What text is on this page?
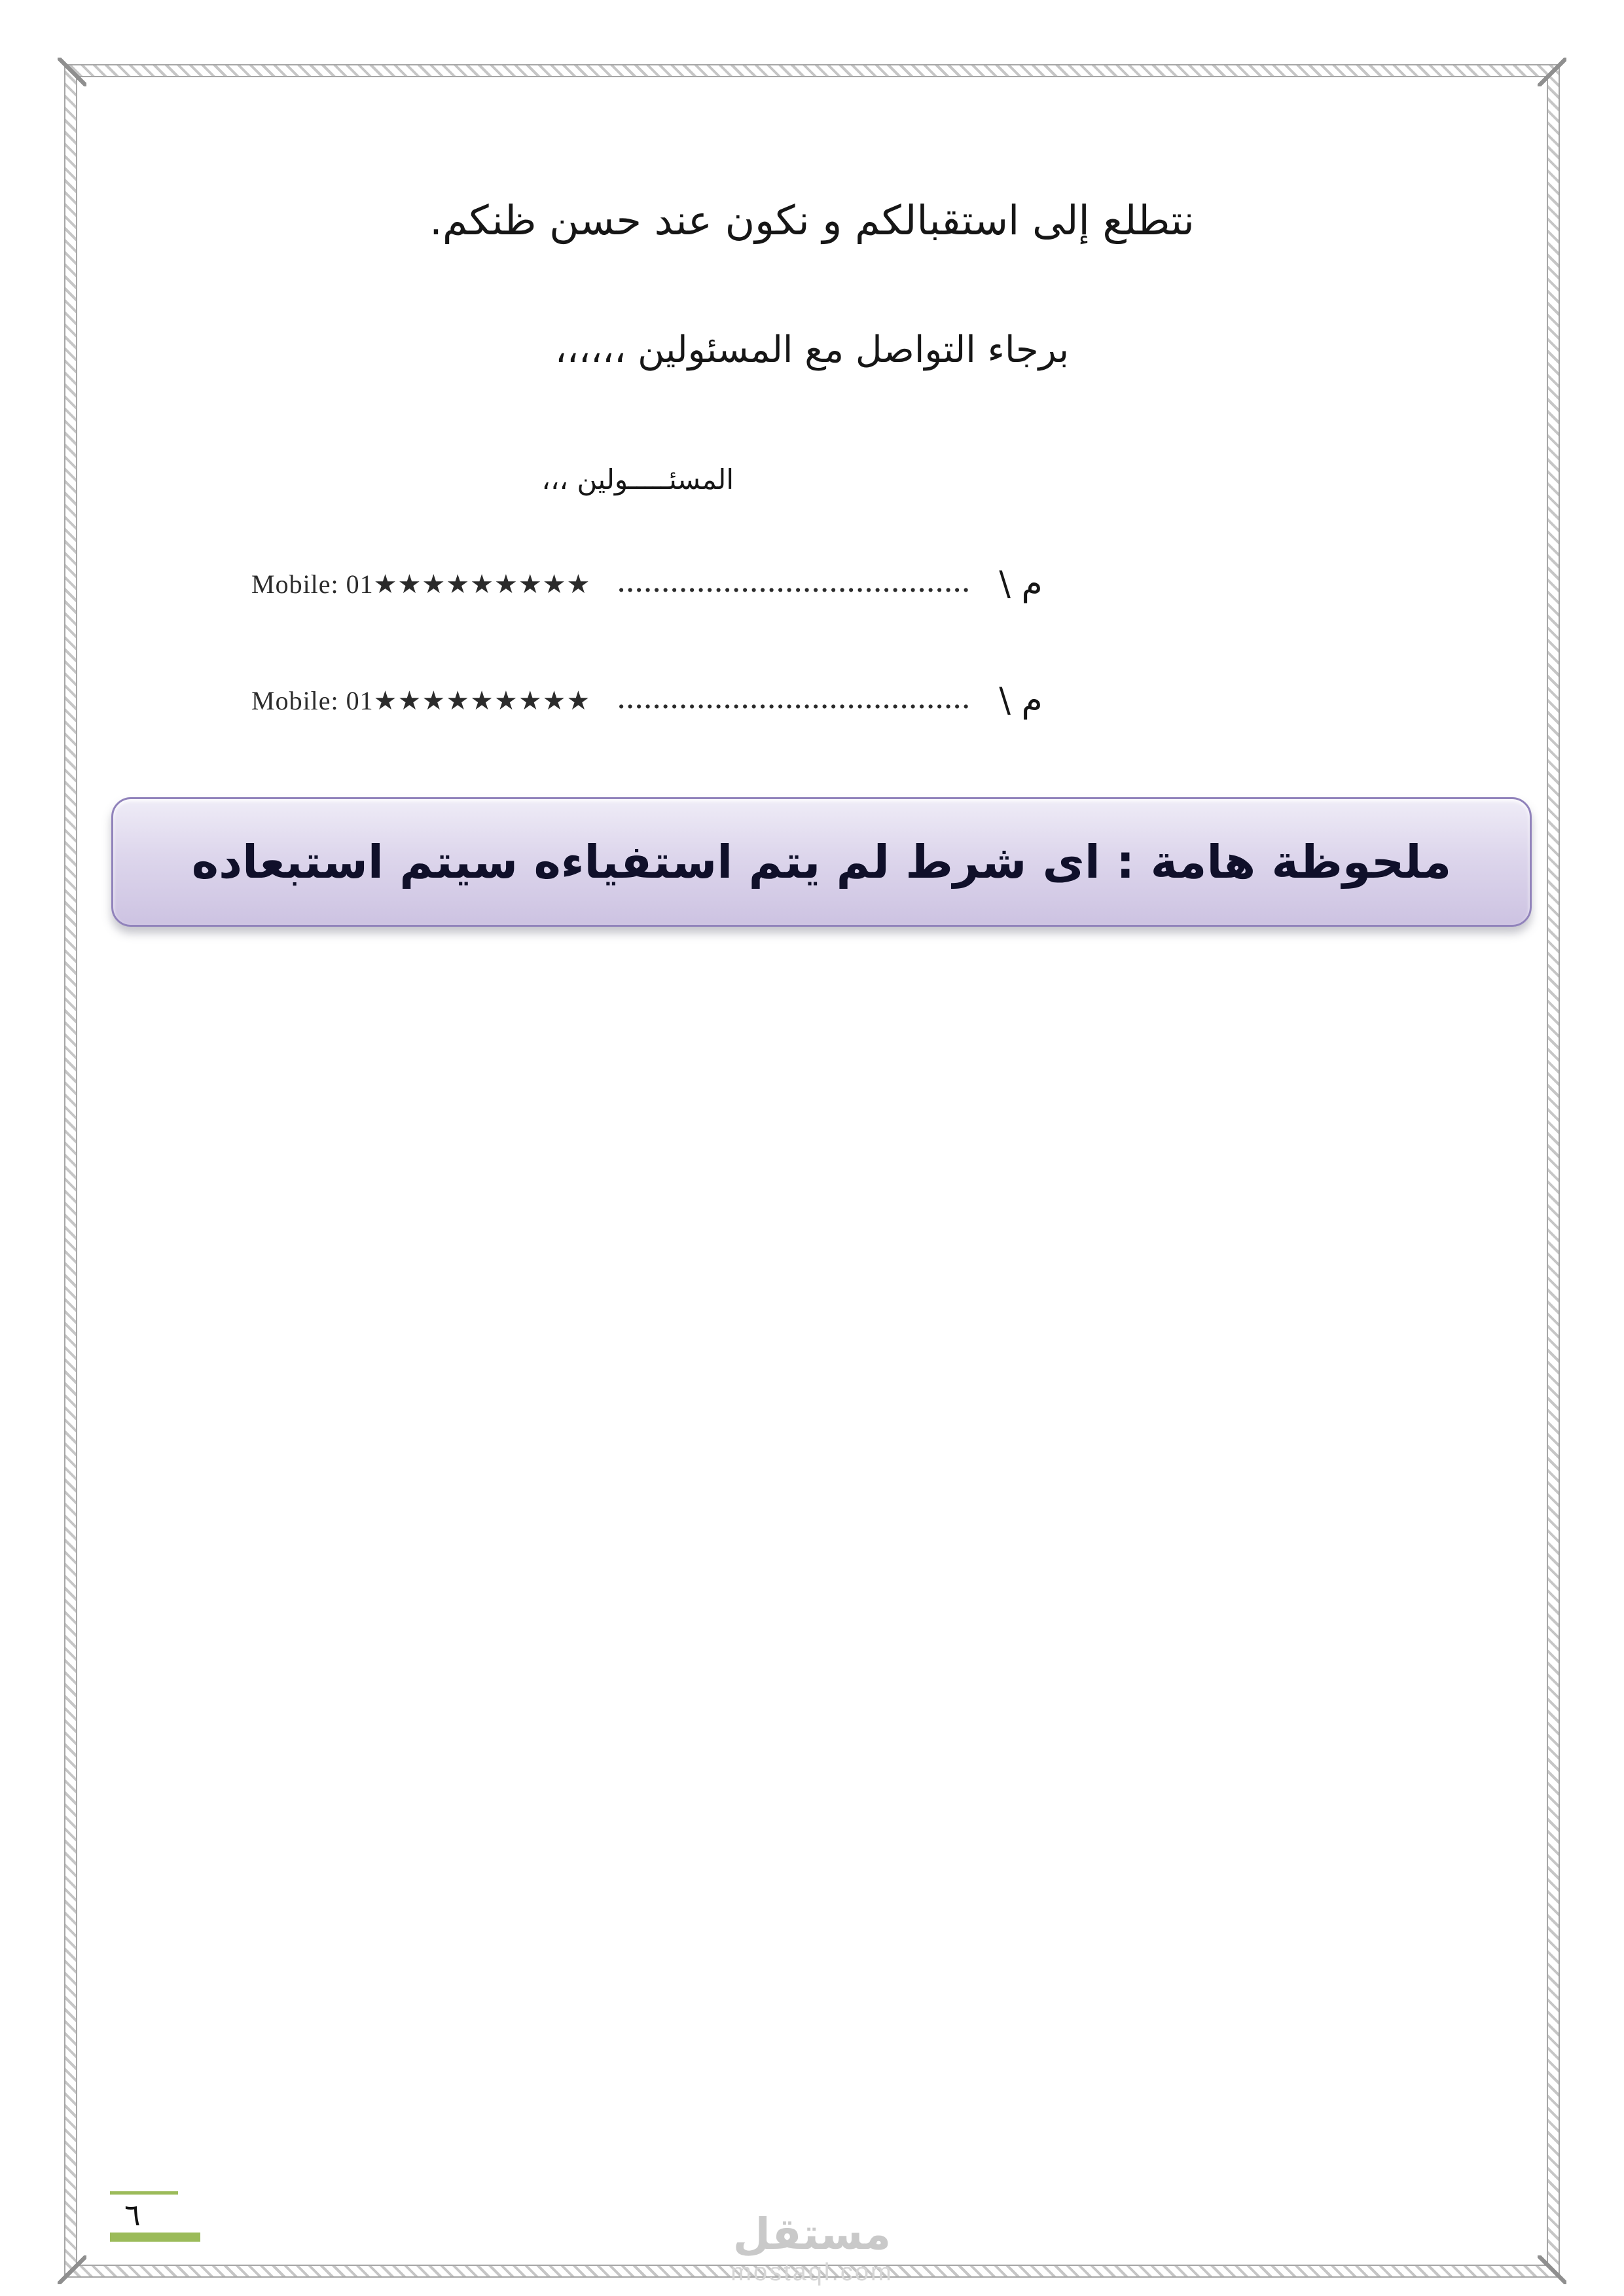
نتطلع إلى استقبالكم و نكون عند حسن ظنكم.
برجاء التواصل مع المسئولين ،،،،،،
المسئـــــولين ،،،
Mobile: 01★★★★★★★★★ ........................................ \ م
Mobile: 01★★★★★★★★★ ........................................ \ م
ملحوظة هامة : اى شرط لم يتم استفياءه سيتم استبعاده
٦	مستقل
mostaql.com
